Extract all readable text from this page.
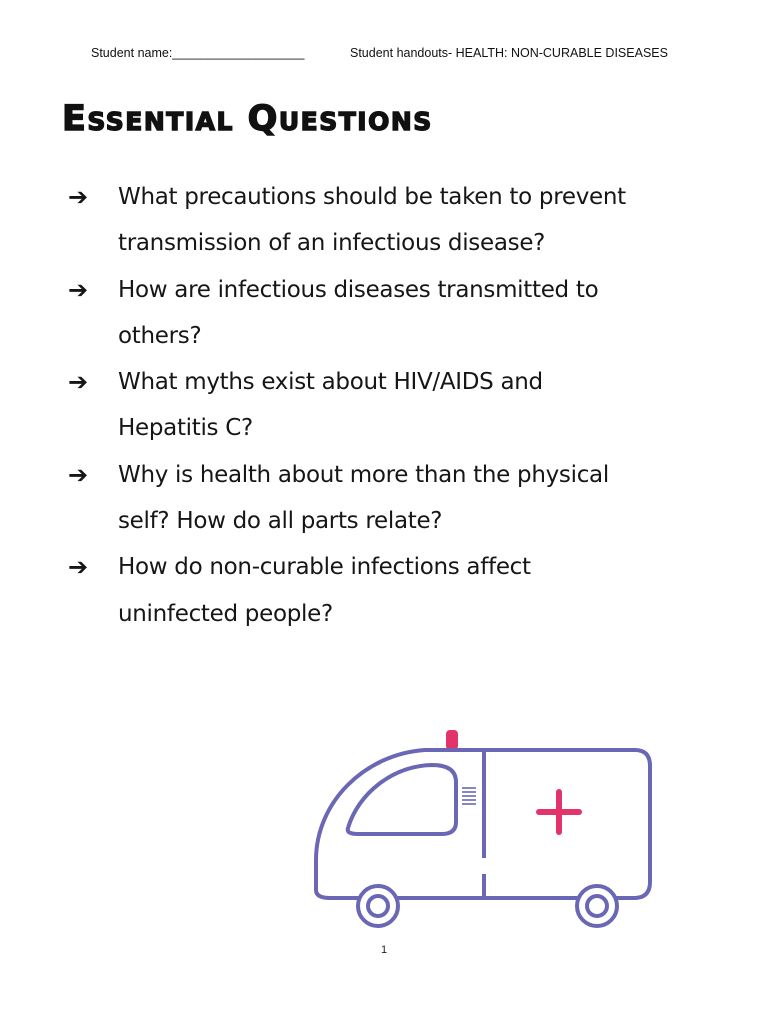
Student name:___________________	Student handouts- HEALTH: NON-CURABLE DISEASES
Essential Questions
➔	What precautions should be taken to prevent
transmission of an infectious disease?
➔	How are infectious diseases transmitted to
others?
➔	What myths exist about HIV/AIDS and
Hepatitis C?
➔	Why is health about more than the physical
self? How do all parts relate?
➔	How do non-curable infections affect
uninfected people?
1
